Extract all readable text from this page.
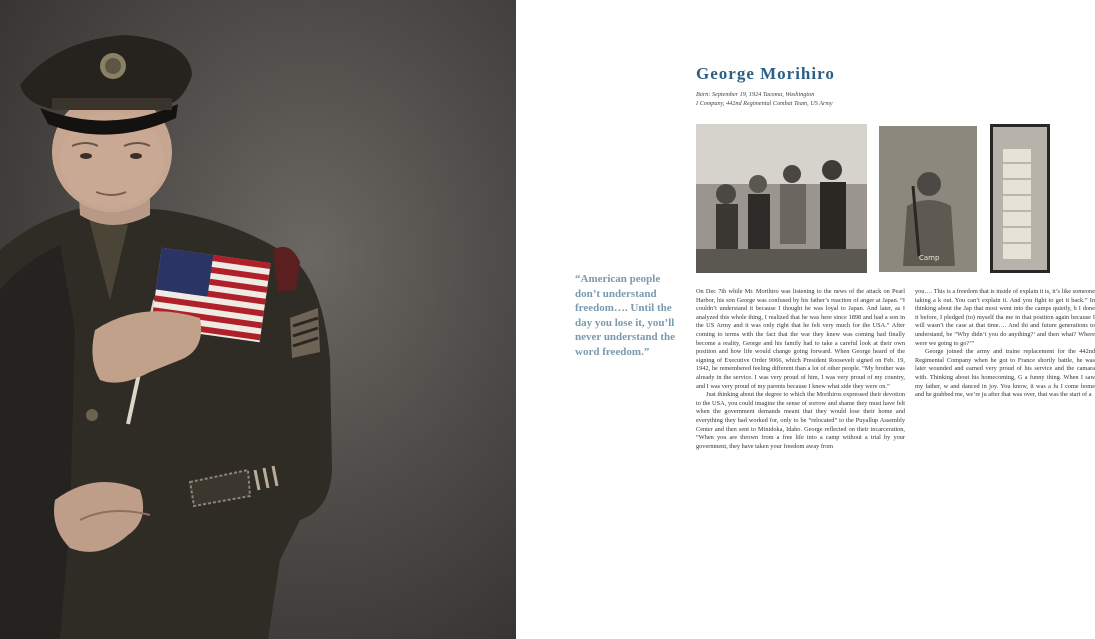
George Morihiro
Born: September 19, 1924 Tacoma, Washington
I Company, 442nd Regimental Combat Team, US Army
Camp
“American people don’t understand freedom…. Until the day you lose it, you’ll never understand the word freedom.”

On Dec 7th while Mr. Morihiro was listening to the news of the attack on Pearl Harbor, his son George was confused by his father’s reaction of anger at Japan. “I couldn’t understand it because I thought he was loyal to Japan. And later, as I analyzed this whole thing, I realized that he was here since 1898 and had a son in the US Army and it was only right that he felt very much for the USA.” After coming to terms with the fact that the war they knew was coming had finally become a reality, George and his family had to take a careful look at their own position and how life would change going forward. When George heard of the signing of Executive Order 9066, which President Roosevelt signed on Feb. 19, 1942, he remembered feeling different than a lot of other people. “My brother was already in the service. I was very proud of him, I was very proud of my country, and I was very proud of my parents because I knew what side they were on.”

Just thinking about the degree to which the Morihiros expressed their devotion to the USA, you could imagine the sense of sorrow and shame they must have felt when the government demands meant that they would lose their home and everything they had worked for, only to be “relocated” to the Puyallup Assembly Center and then sent to Minidoka, Idaho. George reflected on their incarceration, “When you are thrown from a free life into a camp without a trial by your government, they have taken your freedom away from

you…. This is a freedom that is inside of explain it is, it’s like someone taking a k out. You can’t explain it. And you fight to get it back.” In thinking about the Jap that most went into the camps quietly, h I done it before, I pledged (to) myself tha me in that position again because I will wasn’t the case at that time…. And thi and future generations to understand, be “Why didn’t you do anything?’ and then what? Where were we going to go?’”

George joined the army and traine replacement for the 442nd Regimental Company when he got to France shortly battle, he was later wounded and earned very proud of his service and the camara with. Thinking about his homecoming, G a funny thing. When I saw my father, w and danced in joy. You know, it was a fu I come home and he grabbed me, we’re ju after that was over, that was the start of a
